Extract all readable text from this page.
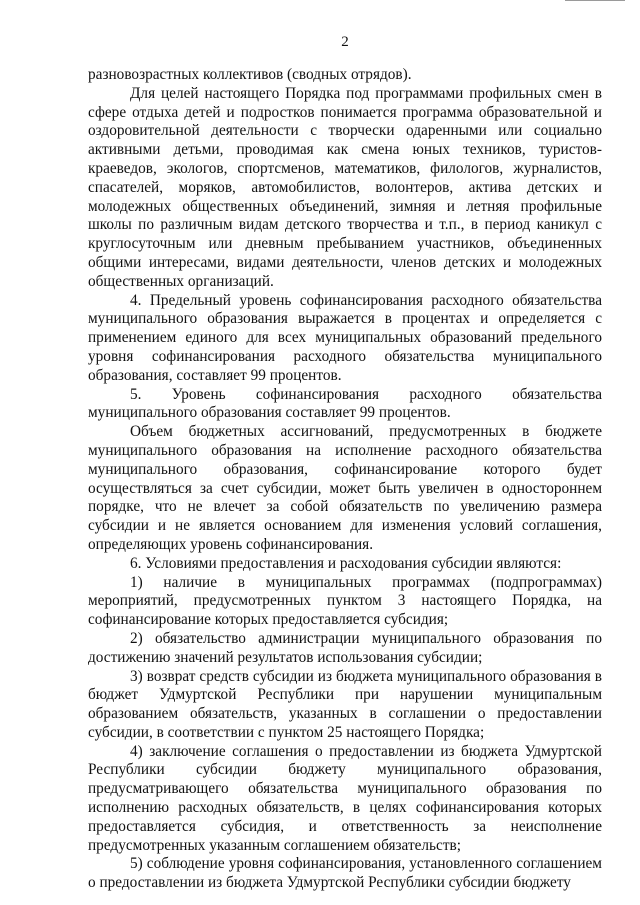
2

разновозрастных коллективов (сводных отрядов).

Для целей настоящего Порядка под программами профильных смен в сфере отдыха детей и подростков понимается программа образовательной и оздоровительной деятельности с творчески одаренными или социально активными детьми, проводимая как смена юных техников, туристов-краеведов, экологов, спортсменов, математиков, филологов, журналистов, спасателей, моряков, автомобилистов, волонтеров, актива детских и молодежных общественных объединений, зимняя и летняя профильные школы по различным видам детского творчества и т.п., в период каникул с круглосуточным или дневным пребыванием участников, объединенных общими интересами, видами деятельности, членов детских и молодежных общественных организаций.

4. Предельный уровень софинансирования расходного обязательства муниципального образования выражается в процентах и определяется с применением единого для всех муниципальных образований предельного уровня софинансирования расходного обязательства муниципального образования, составляет 99 процентов.

5. Уровень софинансирования расходного обязательства муниципального образования составляет 99 процентов.

Объем бюджетных ассигнований, предусмотренных в бюджете муниципального образования на исполнение расходного обязательства муниципального образования, софинансирование которого будет осуществляться за счет субсидии, может быть увеличен в одностороннем порядке, что не влечет за собой обязательств по увеличению размера субсидии и не является основанием для изменения условий соглашения, определяющих уровень софинансирования.

6. Условиями предоставления и расходования субсидии являются:

1) наличие в муниципальных программах (подпрограммах) мероприятий, предусмотренных пунктом 3 настоящего Порядка, на софинансирование которых предоставляется субсидия;

2) обязательство администрации муниципального образования по достижению значений результатов использования субсидии;

3) возврат средств субсидии из бюджета муниципального образования в бюджет Удмуртской Республики при нарушении муниципальным образованием обязательств, указанных в соглашении о предоставлении субсидии, в соответствии с пунктом 25 настоящего Порядка;

4) заключение соглашения о предоставлении из бюджета Удмуртской Республики субсидии бюджету муниципального образования, предусматривающего обязательства муниципального образования по исполнению расходных обязательств, в целях софинансирования которых предоставляется субсидия, и ответственность за неисполнение предусмотренных указанным соглашением обязательств;

5) соблюдение уровня софинансирования, установленного соглашением о предоставлении из бюджета Удмуртской Республики субсидии бюджету
